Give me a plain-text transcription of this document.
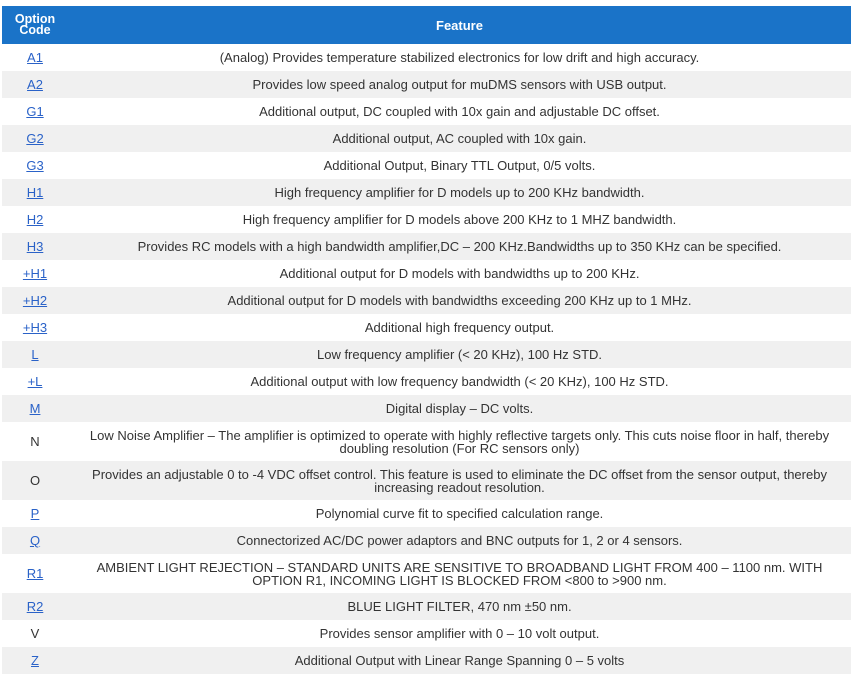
Option
Code	Feature
A1	(Analog) Provides temperature stabilized electronics for low drift and high accuracy.
A2	Provides low speed analog output for muDMS sensors with USB output.
G1	Additional output, DC coupled with 10x gain and adjustable DC offset.
G2	Additional output, AC coupled with 10x gain.
G3	Additional Output, Binary TTL Output, 0/5 volts.
H1	High frequency amplifier for D models up to 200 KHz bandwidth.
H2	High frequency amplifier for D models above 200 KHz to 1 MHZ bandwidth.
H3	Provides RC models with a high bandwidth amplifier,DC – 200 KHz.Bandwidths up to 350 KHz can be specified.
+H1	Additional output for D models with bandwidths up to 200 KHz.
+H2	Additional output for D models with bandwidths exceeding 200 KHz up to 1 MHz.
+H3	Additional high frequency output.
L	Low frequency amplifier (< 20 KHz), 100 Hz STD.
+L	Additional output with low frequency bandwidth (< 20 KHz), 100 Hz STD.
M	Digital display – DC volts.
N	Low Noise Amplifier – The amplifier is optimized to operate with highly reflective targets only. This cuts noise floor in half, thereby doubling resolution (For RC sensors only)
O	Provides an adjustable 0 to -4 VDC offset control. This feature is used to eliminate the DC offset from the sensor output, thereby increasing readout resolution.
P	Polynomial curve fit to specified calculation range.
Q	Connectorized AC/DC power adaptors and BNC outputs for 1, 2 or 4 sensors.
R1	AMBIENT LIGHT REJECTION – STANDARD UNITS ARE SENSITIVE TO BROADBAND LIGHT FROM 400 – 1100 nm. WITH OPTION R1, INCOMING LIGHT IS BLOCKED FROM <800 to >900 nm.
R2	BLUE LIGHT FILTER, 470 nm ±50 nm.
V	Provides sensor amplifier with 0 – 10 volt output.
Z	Additional Output with Linear Range Spanning 0 – 5 volts
